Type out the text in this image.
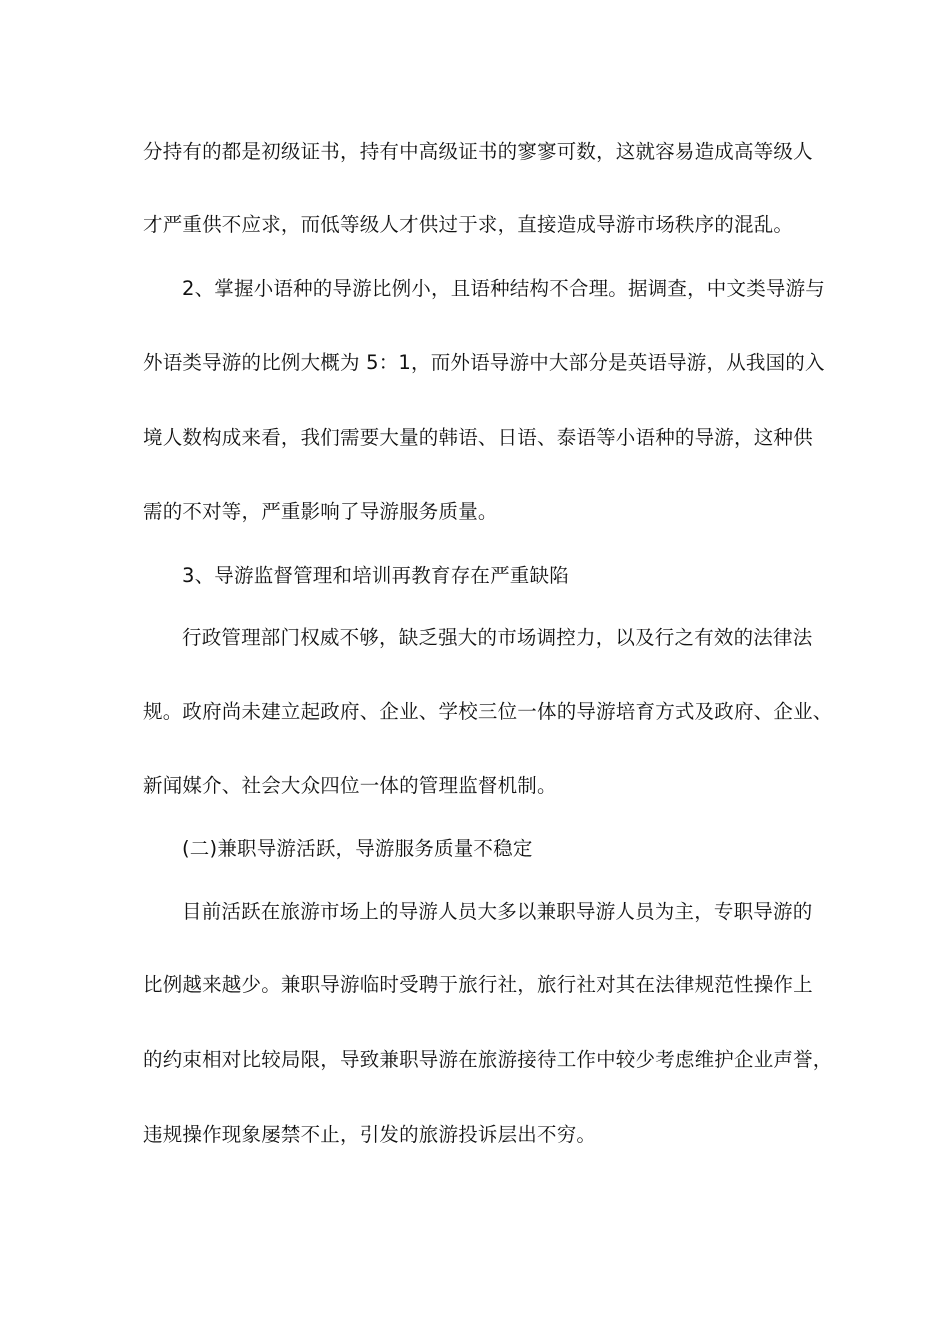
分持有的都是初级证书，持有中高级证书的寥寥可数，这就容易造成高等级人
才严重供不应求，而低等级人才供过于求，直接造成导游市场秩序的混乱。
2、掌握小语种的导游比例小，且语种结构不合理。据调查，中文类导游与
外语类导游的比例大概为 5：1，而外语导游中大部分是英语导游，从我国的入
境人数构成来看，我们需要大量的韩语、日语、泰语等小语种的导游，这种供
需的不对等，严重影响了导游服务质量。
3、导游监督管理和培训再教育存在严重缺陷
行政管理部门权威不够，缺乏强大的市场调控力，以及行之有效的法律法
规。政府尚未建立起政府、企业、学校三位一体的导游培育方式及政府、企业、
新闻媒介、社会大众四位一体的管理监督机制。
(二)兼职导游活跃，导游服务质量不稳定
目前活跃在旅游市场上的导游人员大多以兼职导游人员为主，专职导游的
比例越来越少。兼职导游临时受聘于旅行社，旅行社对其在法律规范性操作上
的约束相对比较局限，导致兼职导游在旅游接待工作中较少考虑维护企业声誉，
违规操作现象屡禁不止，引发的旅游投诉层出不穷。
